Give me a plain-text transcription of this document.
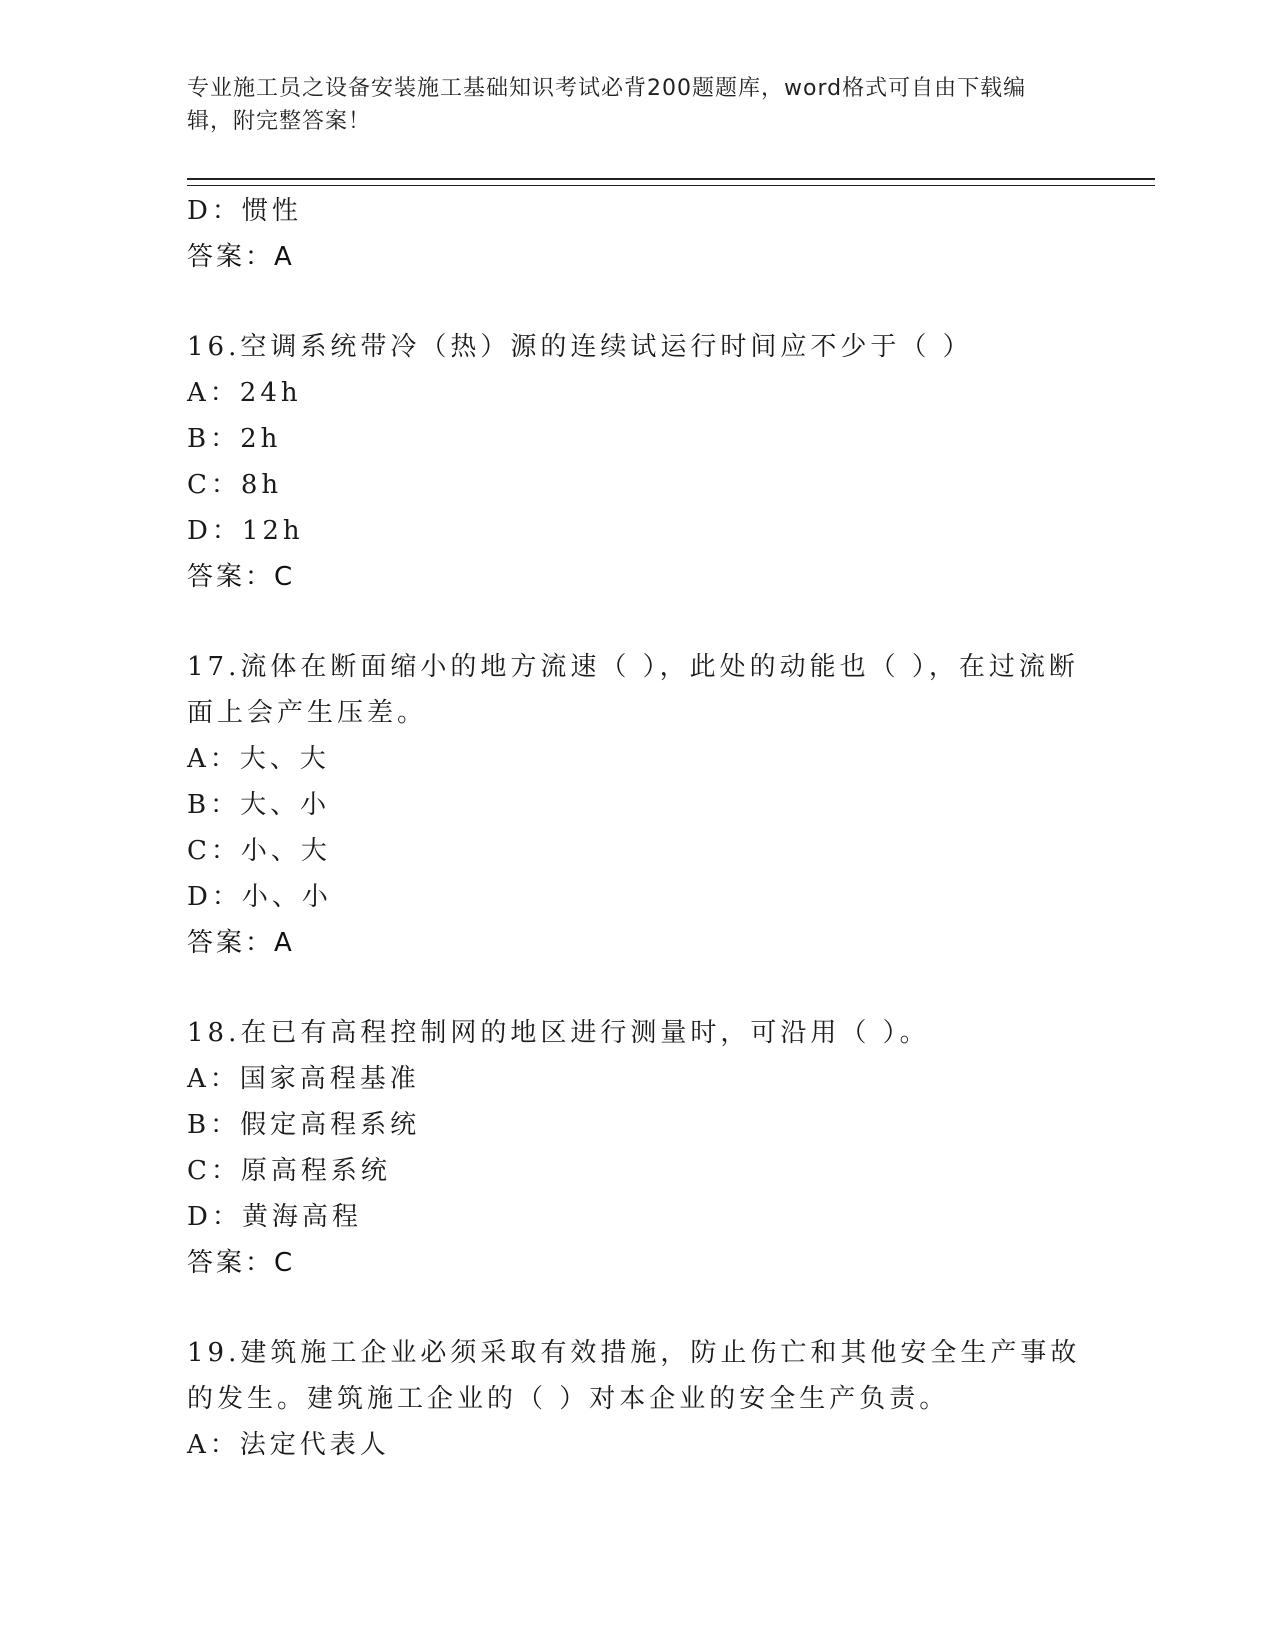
专业施工员之设备安装施工基础知识考试必背200题题库，word格式可自由下载编辑，附完整答案！
D：惯性
答案：A
16.空调系统带冷（热）源的连续试运行时间应不少于（ ）
A：24h
B：2h
C：8h
D：12h
答案：C
17.流体在断面缩小的地方流速（ ），此处的动能也（ ），在过流断面上会产生压差。
A：大、大
B：大、小
C：小、大
D：小、小
答案：A
18.在已有高程控制网的地区进行测量时，可沿用（ ）。
A：国家高程基准
B：假定高程系统
C：原高程系统
D：黄海高程
答案：C
19.建筑施工企业必须采取有效措施，防止伤亡和其他安全生产事故的发生。建筑施工企业的（ ）对本企业的安全生产负责。
A：法定代表人
